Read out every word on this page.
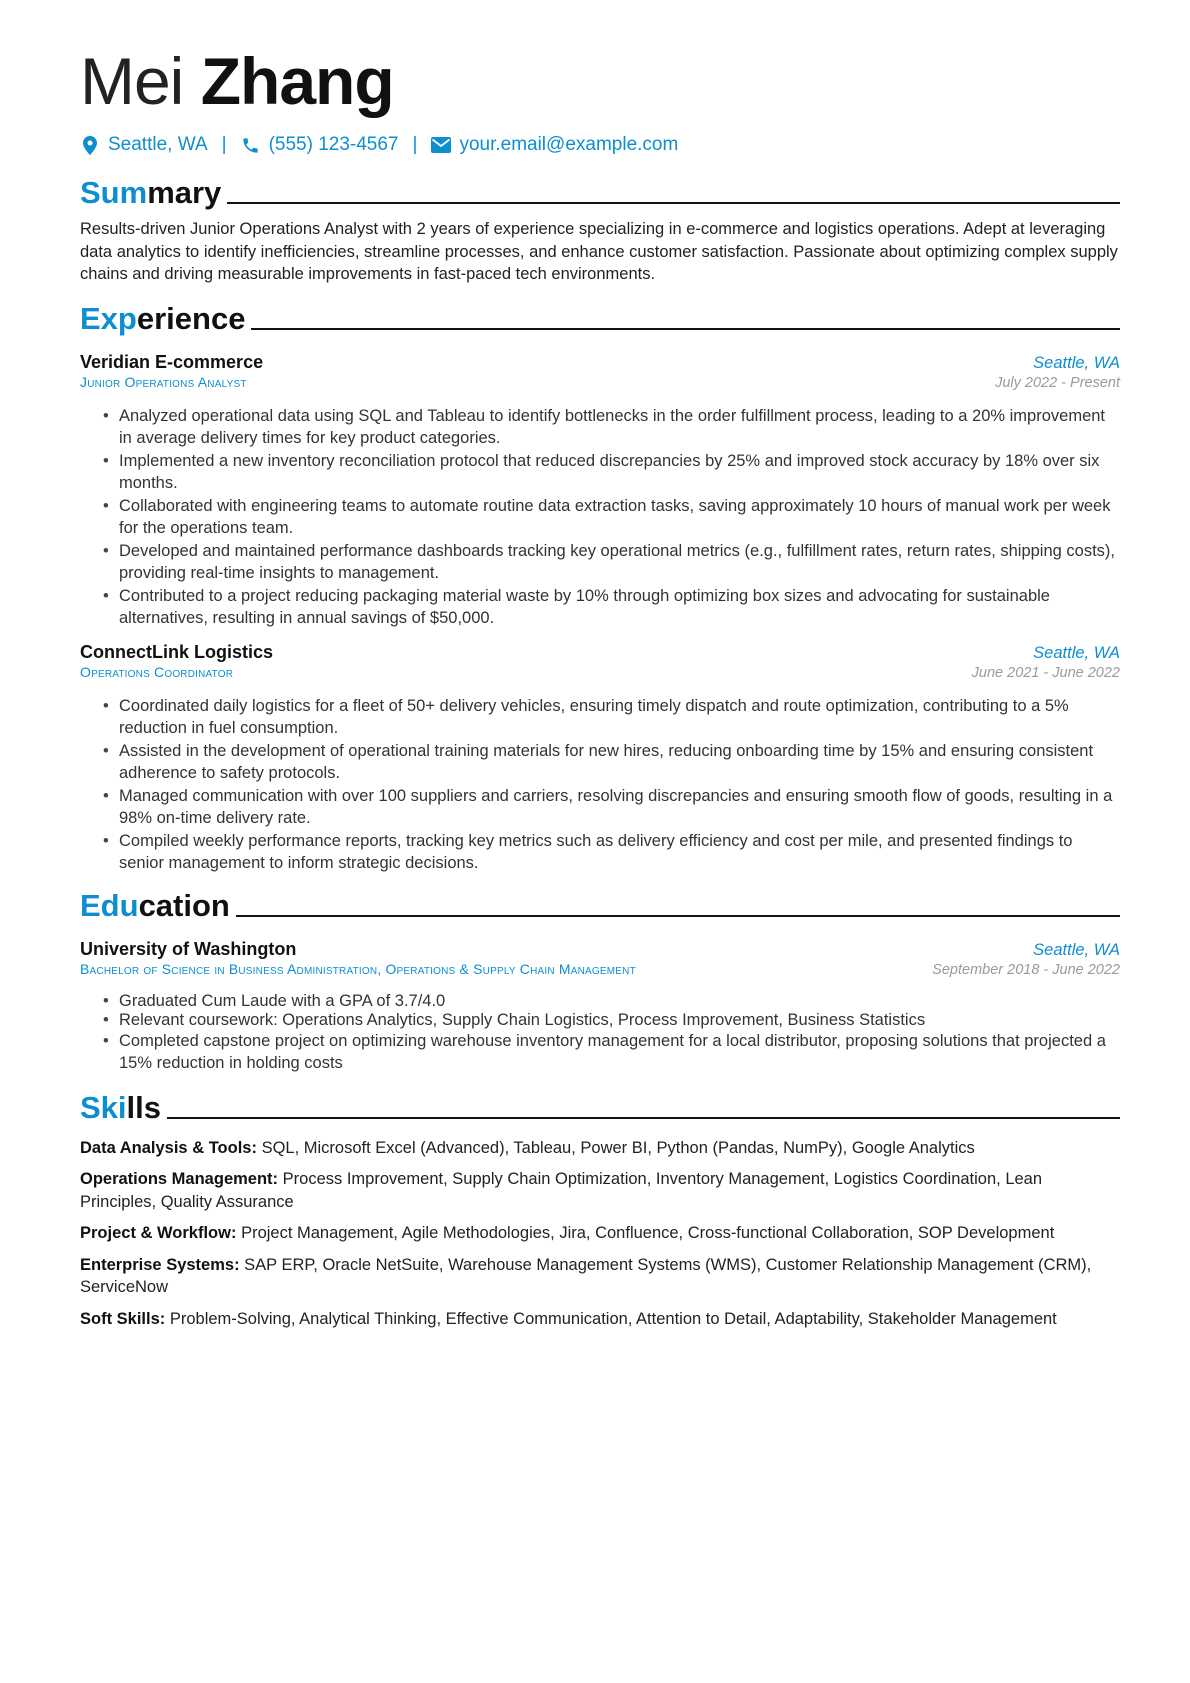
Mei Zhang
Seattle, WA | (555) 123-4567 | your.email@example.com
Summary

Results-driven Junior Operations Analyst with 2 years of experience specializing in e-commerce and logistics operations. Adept at leveraging data analytics to identify inefficiencies, streamline processes, and enhance customer satisfaction. Passionate about optimizing complex supply chains and driving measurable improvements in fast-paced tech environments.

Experience
Veridian E-commerce	Seattle, WA
Junior Operations Analyst	July 2022 - Present
• Analyzed operational data using SQL and Tableau to identify bottlenecks in the order fulfillment process, leading to a 20% improvement in average delivery times for key product categories.
• Implemented a new inventory reconciliation protocol that reduced discrepancies by 25% and improved stock accuracy by 18% over six months.
• Collaborated with engineering teams to automate routine data extraction tasks, saving approximately 10 hours of manual work per week for the operations team.
• Developed and maintained performance dashboards tracking key operational metrics (e.g., fulfillment rates, return rates, shipping costs), providing real-time insights to management.
• Contributed to a project reducing packaging material waste by 10% through optimizing box sizes and advocating for sustainable alternatives, resulting in annual savings of $50,000.
ConnectLink Logistics	Seattle, WA
Operations Coordinator	June 2021 - June 2022
• Coordinated daily logistics for a fleet of 50+ delivery vehicles, ensuring timely dispatch and route optimization, contributing to a 5% reduction in fuel consumption.
• Assisted in the development of operational training materials for new hires, reducing onboarding time by 15% and ensuring consistent adherence to safety protocols.
• Managed communication with over 100 suppliers and carriers, resolving discrepancies and ensuring smooth flow of goods, resulting in a 98% on-time delivery rate.
• Compiled weekly performance reports, tracking key metrics such as delivery efficiency and cost per mile, and presented findings to senior management to inform strategic decisions.
Education
University of Washington	Seattle, WA
Bachelor of Science in Business Administration, Operations & Supply Chain Management	September 2018 - June 2022
• Graduated Cum Laude with a GPA of 3.7/4.0
• Relevant coursework: Operations Analytics, Supply Chain Logistics, Process Improvement, Business Statistics
• Completed capstone project on optimizing warehouse inventory management for a local distributor, proposing solutions that projected a 15% reduction in holding costs
Skills

Data Analysis & Tools: SQL, Microsoft Excel (Advanced), Tableau, Power BI, Python (Pandas, NumPy), Google Analytics

Operations Management: Process Improvement, Supply Chain Optimization, Inventory Management, Logistics Coordination, Lean Principles, Quality Assurance

Project & Workflow: Project Management, Agile Methodologies, Jira, Confluence, Cross-functional Collaboration, SOP Development

Enterprise Systems: SAP ERP, Oracle NetSuite, Warehouse Management Systems (WMS), Customer Relationship Management (CRM), ServiceNow

Soft Skills: Problem-Solving, Analytical Thinking, Effective Communication, Attention to Detail, Adaptability, Stakeholder Management
